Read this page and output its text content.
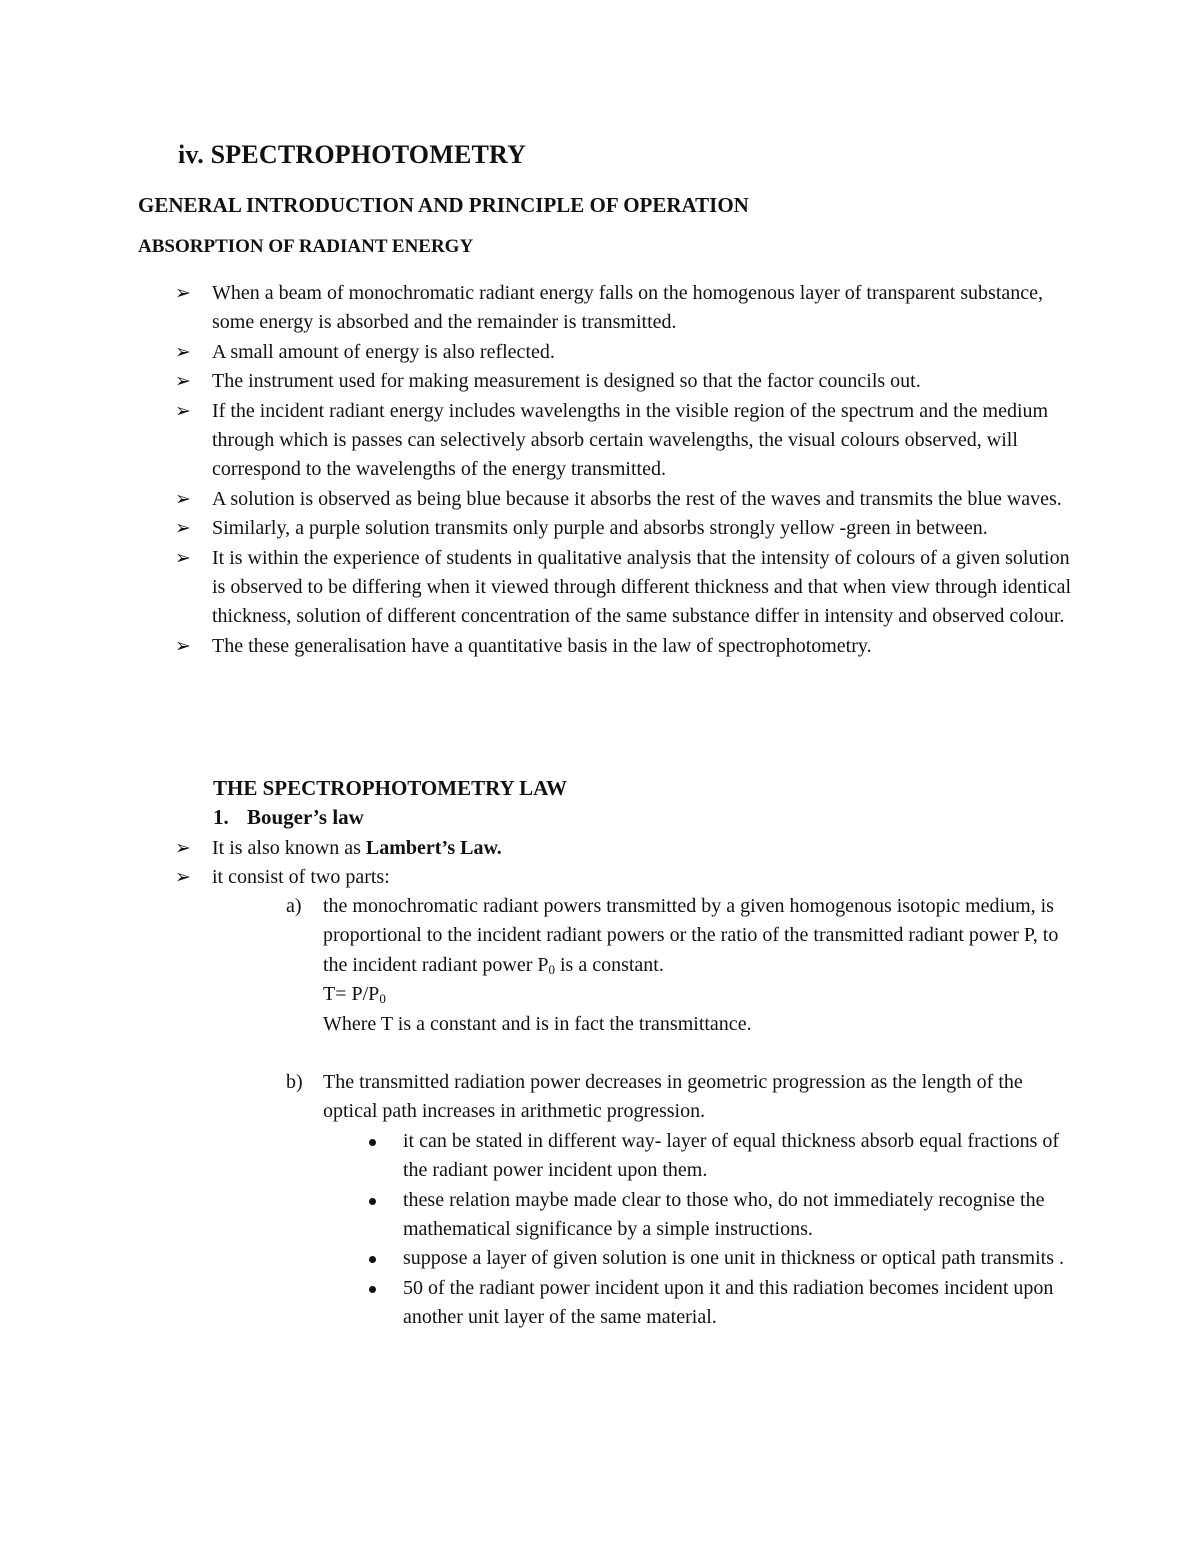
iv. SPECTROPHOTOMETRY
GENERAL INTRODUCTION AND PRINCIPLE OF OPERATION
ABSORPTION OF RADIANT ENERGY
➢ When a beam of monochromatic radiant energy falls on the homogenous layer of transparent substance, some energy is absorbed and the remainder is transmitted.
➢ A small amount of energy is also reflected.
➢ The instrument used for making measurement is designed so that the factor councils out.
➢ If the incident radiant energy includes wavelengths in the visible region of the spectrum and the medium through which is passes can selectively absorb certain wavelengths, the visual colours observed, will correspond to the wavelengths of the energy transmitted.
➢ A solution is observed as being blue because it absorbs the rest of the waves and transmits the blue waves.
➢ Similarly, a purple solution transmits only purple and absorbs strongly yellow -green in between.
➢ It is within the experience of students in qualitative analysis that the intensity of colours of a given solution is observed to be differing when it viewed through different thickness and that when view through identical thickness, solution of different concentration of the same substance differ in intensity and observed colour.
➢ The these generalisation have a quantitative basis in the law of spectrophotometry.
THE SPECTROPHOTOMETRY LAW
1. Bouger’s law
➢ It is also known as Lambert’s Law.
➢ it consist of two parts:
a) the monochromatic radiant powers transmitted by a given homogenous isotopic medium, is proportional to the incident radiant powers or the ratio of the transmitted radiant power P, to the incident radiant power $P_0$ is a constant.
$T= P/P_0$
Where T is a constant and is in fact the transmittance.
b) The transmitted radiation power decreases in geometric progression as the length of the optical path increases in arithmetic progression.
it can be stated in different way- layer of equal thickness absorb equal fractions of the radiant power incident upon them.
these relation maybe made clear to those who, do not immediately recognise the mathematical significance by a simple instructions.
suppose a layer of given solution is one unit in thickness or optical path transmits .
50 of the radiant power incident upon it and this radiation becomes incident upon another unit layer of the same material.
